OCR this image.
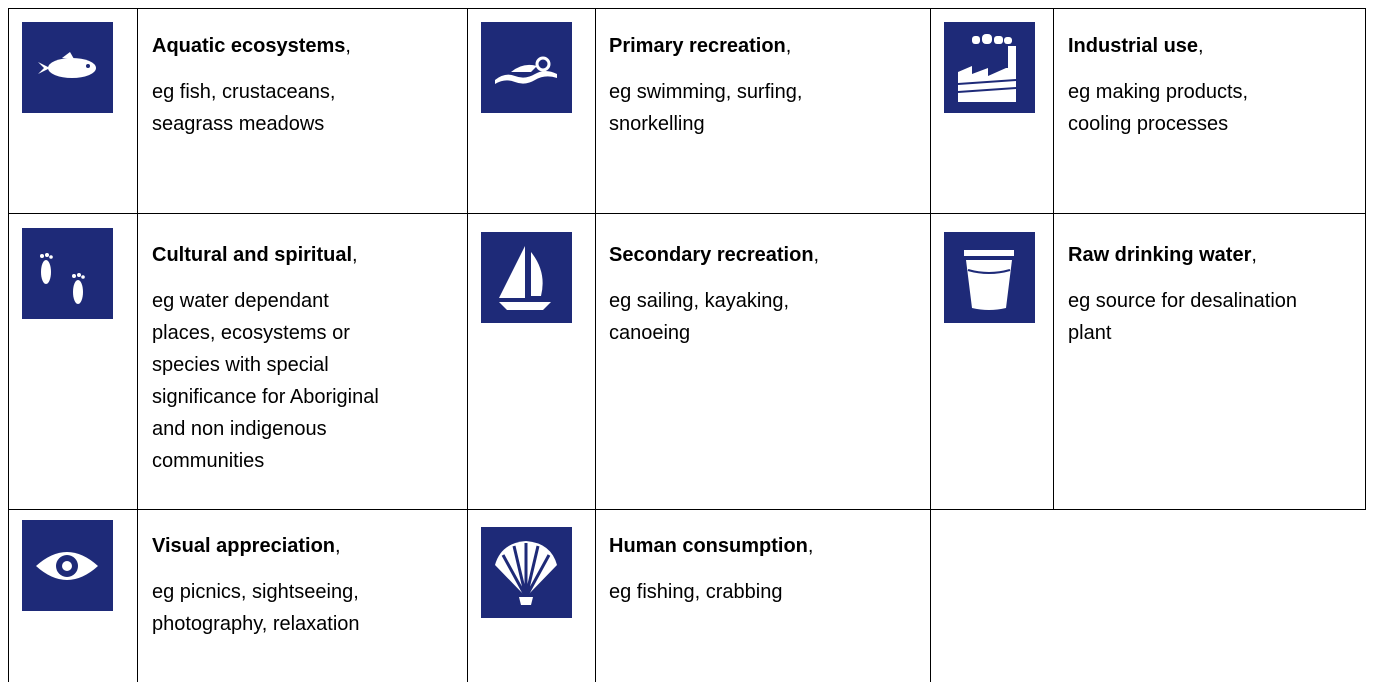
Aquatic ecosystems,
eg fish, crustaceans,
seagrass meadows
Primary recreation,
eg swimming, surfing,
snorkelling
Industrial use,
eg making products,
cooling processes
Cultural and spiritual,
eg water dependant
places, ecosystems or
species with special
significance for Aboriginal
and non indigenous
communities
Secondary recreation,
eg sailing, kayaking,
canoeing
Raw drinking water,
eg source for desalination
plant
Visual appreciation,
eg picnics, sightseeing,
photography, relaxation
Human consumption,
eg fishing, crabbing
